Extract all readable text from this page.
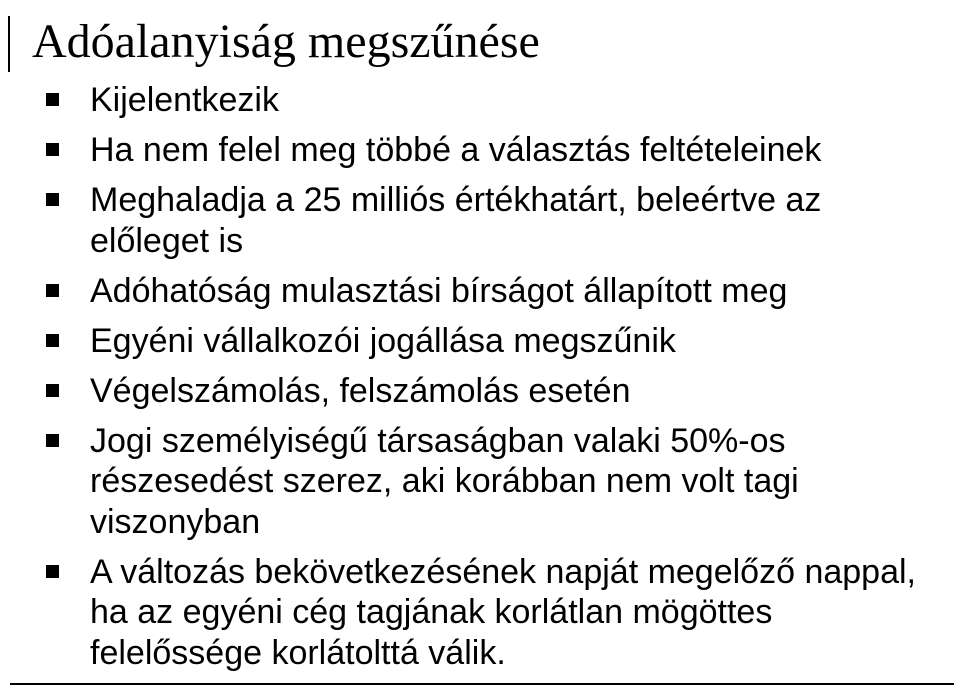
Adóalanyiság megszűnése
Kijelentkezik
Ha nem felel meg többé a választás feltételeinek
Meghaladja a 25 milliós értékhatárt, beleértve az előleget is
Adóhatóság mulasztási bírságot állapított meg
Egyéni vállalkozói jogállása megszűnik
Végelszámolás, felszámolás esetén
Jogi személyiségű társaságban valaki 50%-os részesedést szerez, aki korábban nem volt tagi viszonyban
A változás bekövetkezésének napját megelőző nappal, ha az egyéni cég tagjának korlátlan mögöttes felelőssége korlátolttá válik.
